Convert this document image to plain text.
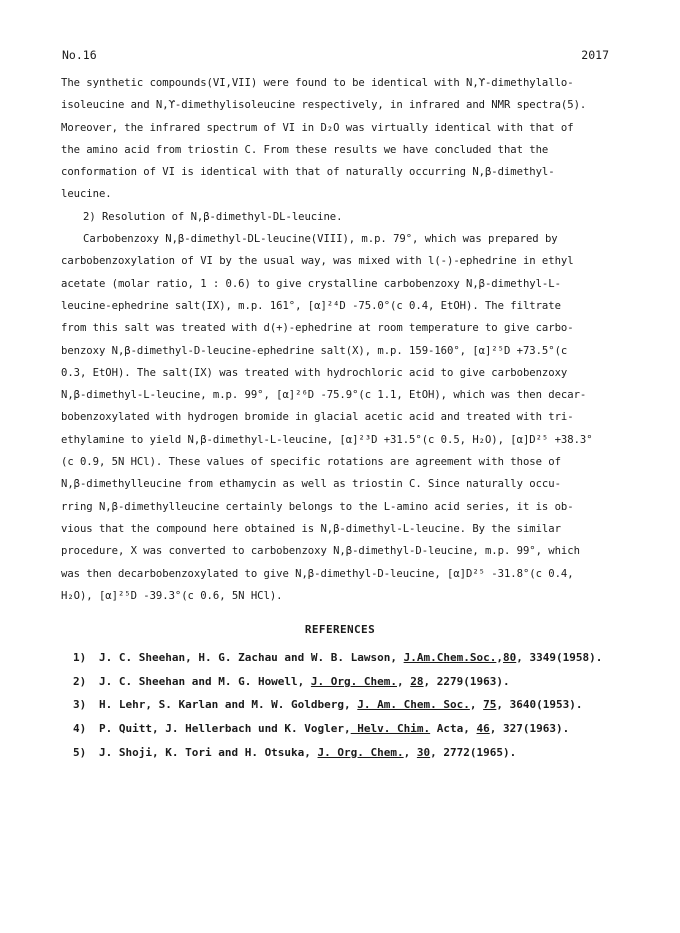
No.16	2017
The synthetic compounds(VI,VII) were found to be identical with N,ϒ-dimethylallo-
isoleucine and N,ϒ-dimethylisoleucine respectively, in infrared and NMR spectra(5).
Moreover, the infrared spectrum of VI in D₂O was virtually identical with that of
the amino acid from triostin C. From these results we have concluded that the
conformation of VI is identical with that of naturally occurring N,β-dimethyl-
leucine.
2) Resolution of N,β-dimethyl-DL-leucine.
Carbobenzoxy N,β-dimethyl-DL-leucine(VIII), m.p. 79°, which was prepared by
carbobenzoxylation of VI by the usual way, was mixed with l(-)-ephedrine in ethyl
acetate (molar ratio, 1 : 0.6) to give crystalline carbobenzoxy N,β-dimethyl-L-
leucine-ephedrine salt(IX), m.p. 161°, [α]²⁴D -75.0°(c 0.4, EtOH). The filtrate
from this salt was treated with d(+)-ephedrine at room temperature to give carbo-
benzoxy N,β-dimethyl-D-leucine-ephedrine salt(X), m.p. 159-160°, [α]²⁵D +73.5°(c
0.3, EtOH). The salt(IX) was treated with hydrochloric acid to give carbobenzoxy
N,β-dimethyl-L-leucine, m.p. 99°, [α]²⁶D -75.9°(c 1.1, EtOH), which was then decar-
bobenzoxylated with hydrogen bromide in glacial acetic acid and treated with tri-
ethylamine to yield N,β-dimethyl-L-leucine, [α]²³D +31.5°(c 0.5, H₂O), [α]D²⁵ +38.3°
(c 0.9, 5N HCl). These values of specific rotations are agreement with those of
N,β-dimethylleucine from ethamycin as well as triostin C. Since naturally occu-
rring N,β-dimethylleucine certainly belongs to the L-amino acid series, it is ob-
vious that the compound here obtained is N,β-dimethyl-L-leucine. By the similar
procedure, X was converted to carbobenzoxy N,β-dimethyl-D-leucine, m.p. 99°, which
was then decarbobenzoxylated to give N,β-dimethyl-D-leucine, [α]D²⁵ -31.8°(c 0.4,
H₂O), [α]²⁵D -39.3°(c 0.6, 5N HCl).
REFERENCES
1) J. C. Sheehan, H. G. Zachau and W. B. Lawson, J.Am.Chem.Soc.,80, 3349(1958).
2) J. C. Sheehan and M. G. Howell, J. Org. Chem., 28, 2279(1963).
3) H. Lehr, S. Karlan and M. W. Goldberg, J. Am. Chem. Soc., 75, 3640(1953).
4) P. Quitt, J. Hellerbach und K. Vogler, Helv. Chim. Acta, 46, 327(1963).
5) J. Shoji, K. Tori and H. Otsuka, J. Org. Chem., 30, 2772(1965).
